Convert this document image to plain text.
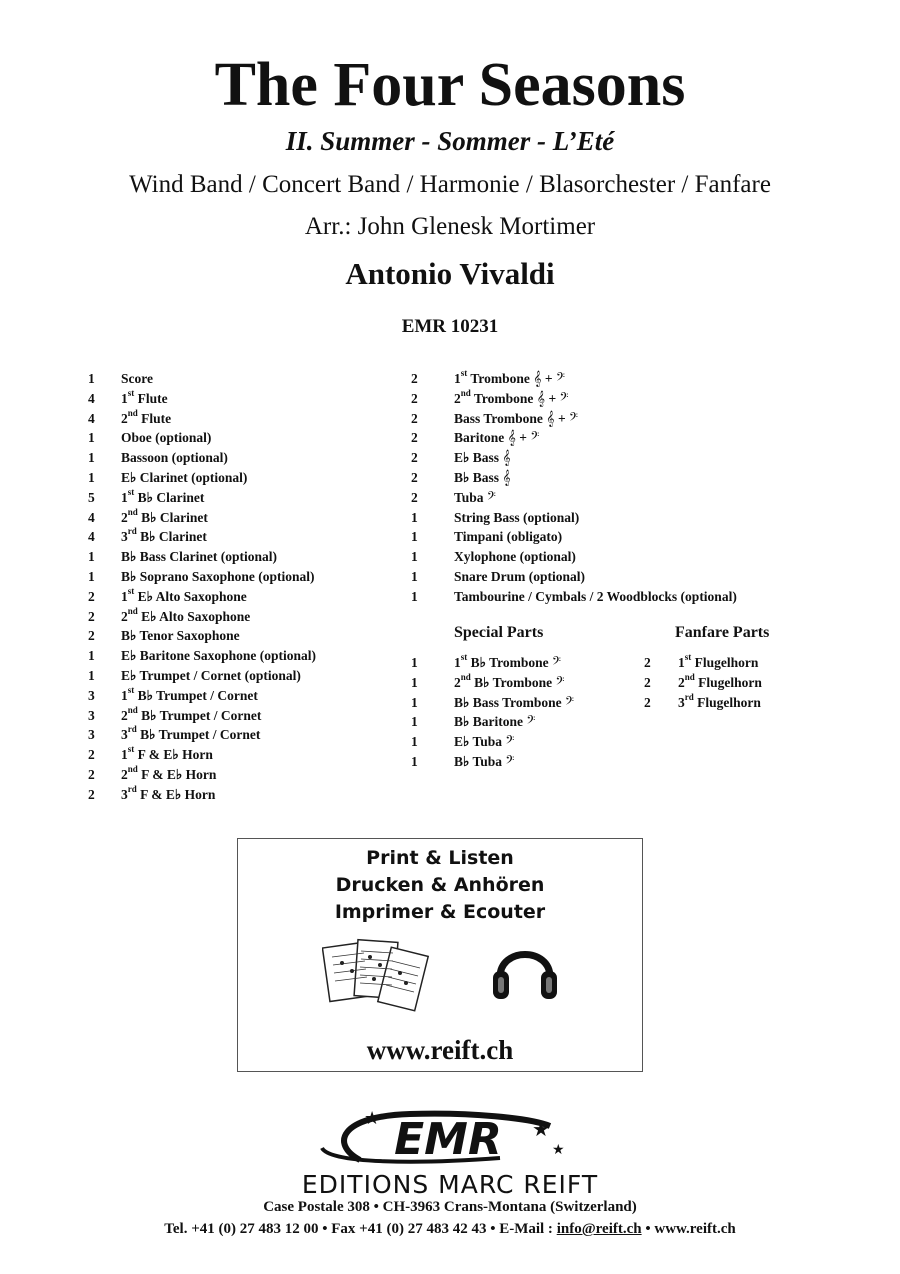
The Four Seasons
II. Summer - Sommer - L’Eté
Wind Band / Concert Band / Harmonie / Blasorchester / Fanfare
Arr.: John Glenesk Mortimer
Antonio Vivaldi
EMR 10231
1 Score
4 1st Flute
4 2nd Flute
1 Oboe (optional)
1 Bassoon (optional)
1 E♭ Clarinet (optional)
5 1st B♭ Clarinet
4 2nd B♭ Clarinet
4 3rd B♭ Clarinet
1 B♭ Bass Clarinet (optional)
1 B♭ Soprano Saxophone (optional)
2 1st E♭ Alto Saxophone
2 2nd E♭ Alto Saxophone
2 B♭ Tenor Saxophone
1 E♭ Baritone Saxophone (optional)
1 E♭ Trumpet / Cornet (optional)
3 1st B♭ Trumpet / Cornet
3 2nd B♭ Trumpet / Cornet
3 3rd B♭ Trumpet / Cornet
2 1st F & E♭ Horn
2 2nd F & E♭ Horn
2 3rd F & E♭ Horn
2	1st Trombone 𝄞 + 𝄢
2	2nd Trombone 𝄞 + 𝄢
2	Bass Trombone 𝄞 + 𝄢
2	Baritone 𝄞 + 𝄢
2	E♭ Bass 𝄞
2	B♭ Bass 𝄞
2	Tuba 𝄢
1	String Bass (optional)
1	Timpani (obligato)
1	Xylophone (optional)
1	Snare Drum (optional)
1	Tambourine / Cymbals / 2 Woodblocks (optional)
Special Parts	Fanfare Parts
1	1st B♭ Trombone 𝄢
1	2nd B♭ Trombone 𝄢
1	B♭ Bass Trombone 𝄢
1	B♭ Baritone 𝄢
1	E♭ Tuba 𝄢
1	B♭ Tuba 𝄢
2 1st Flugelhorn
2 2nd Flugelhorn
2 3rd Flugelhorn
Print & Listen
Drucken & Anhören
Imprimer & Ecouter
www.reift.ch
EMR
★	★
★
EDITIONS MARC REIFT
Case Postale 308 • CH-3963 Crans-Montana (Switzerland)
Tel. +41 (0) 27 483 12 00 • Fax +41 (0) 27 483 42 43 • E-Mail : info@reift.ch • www.reift.ch
